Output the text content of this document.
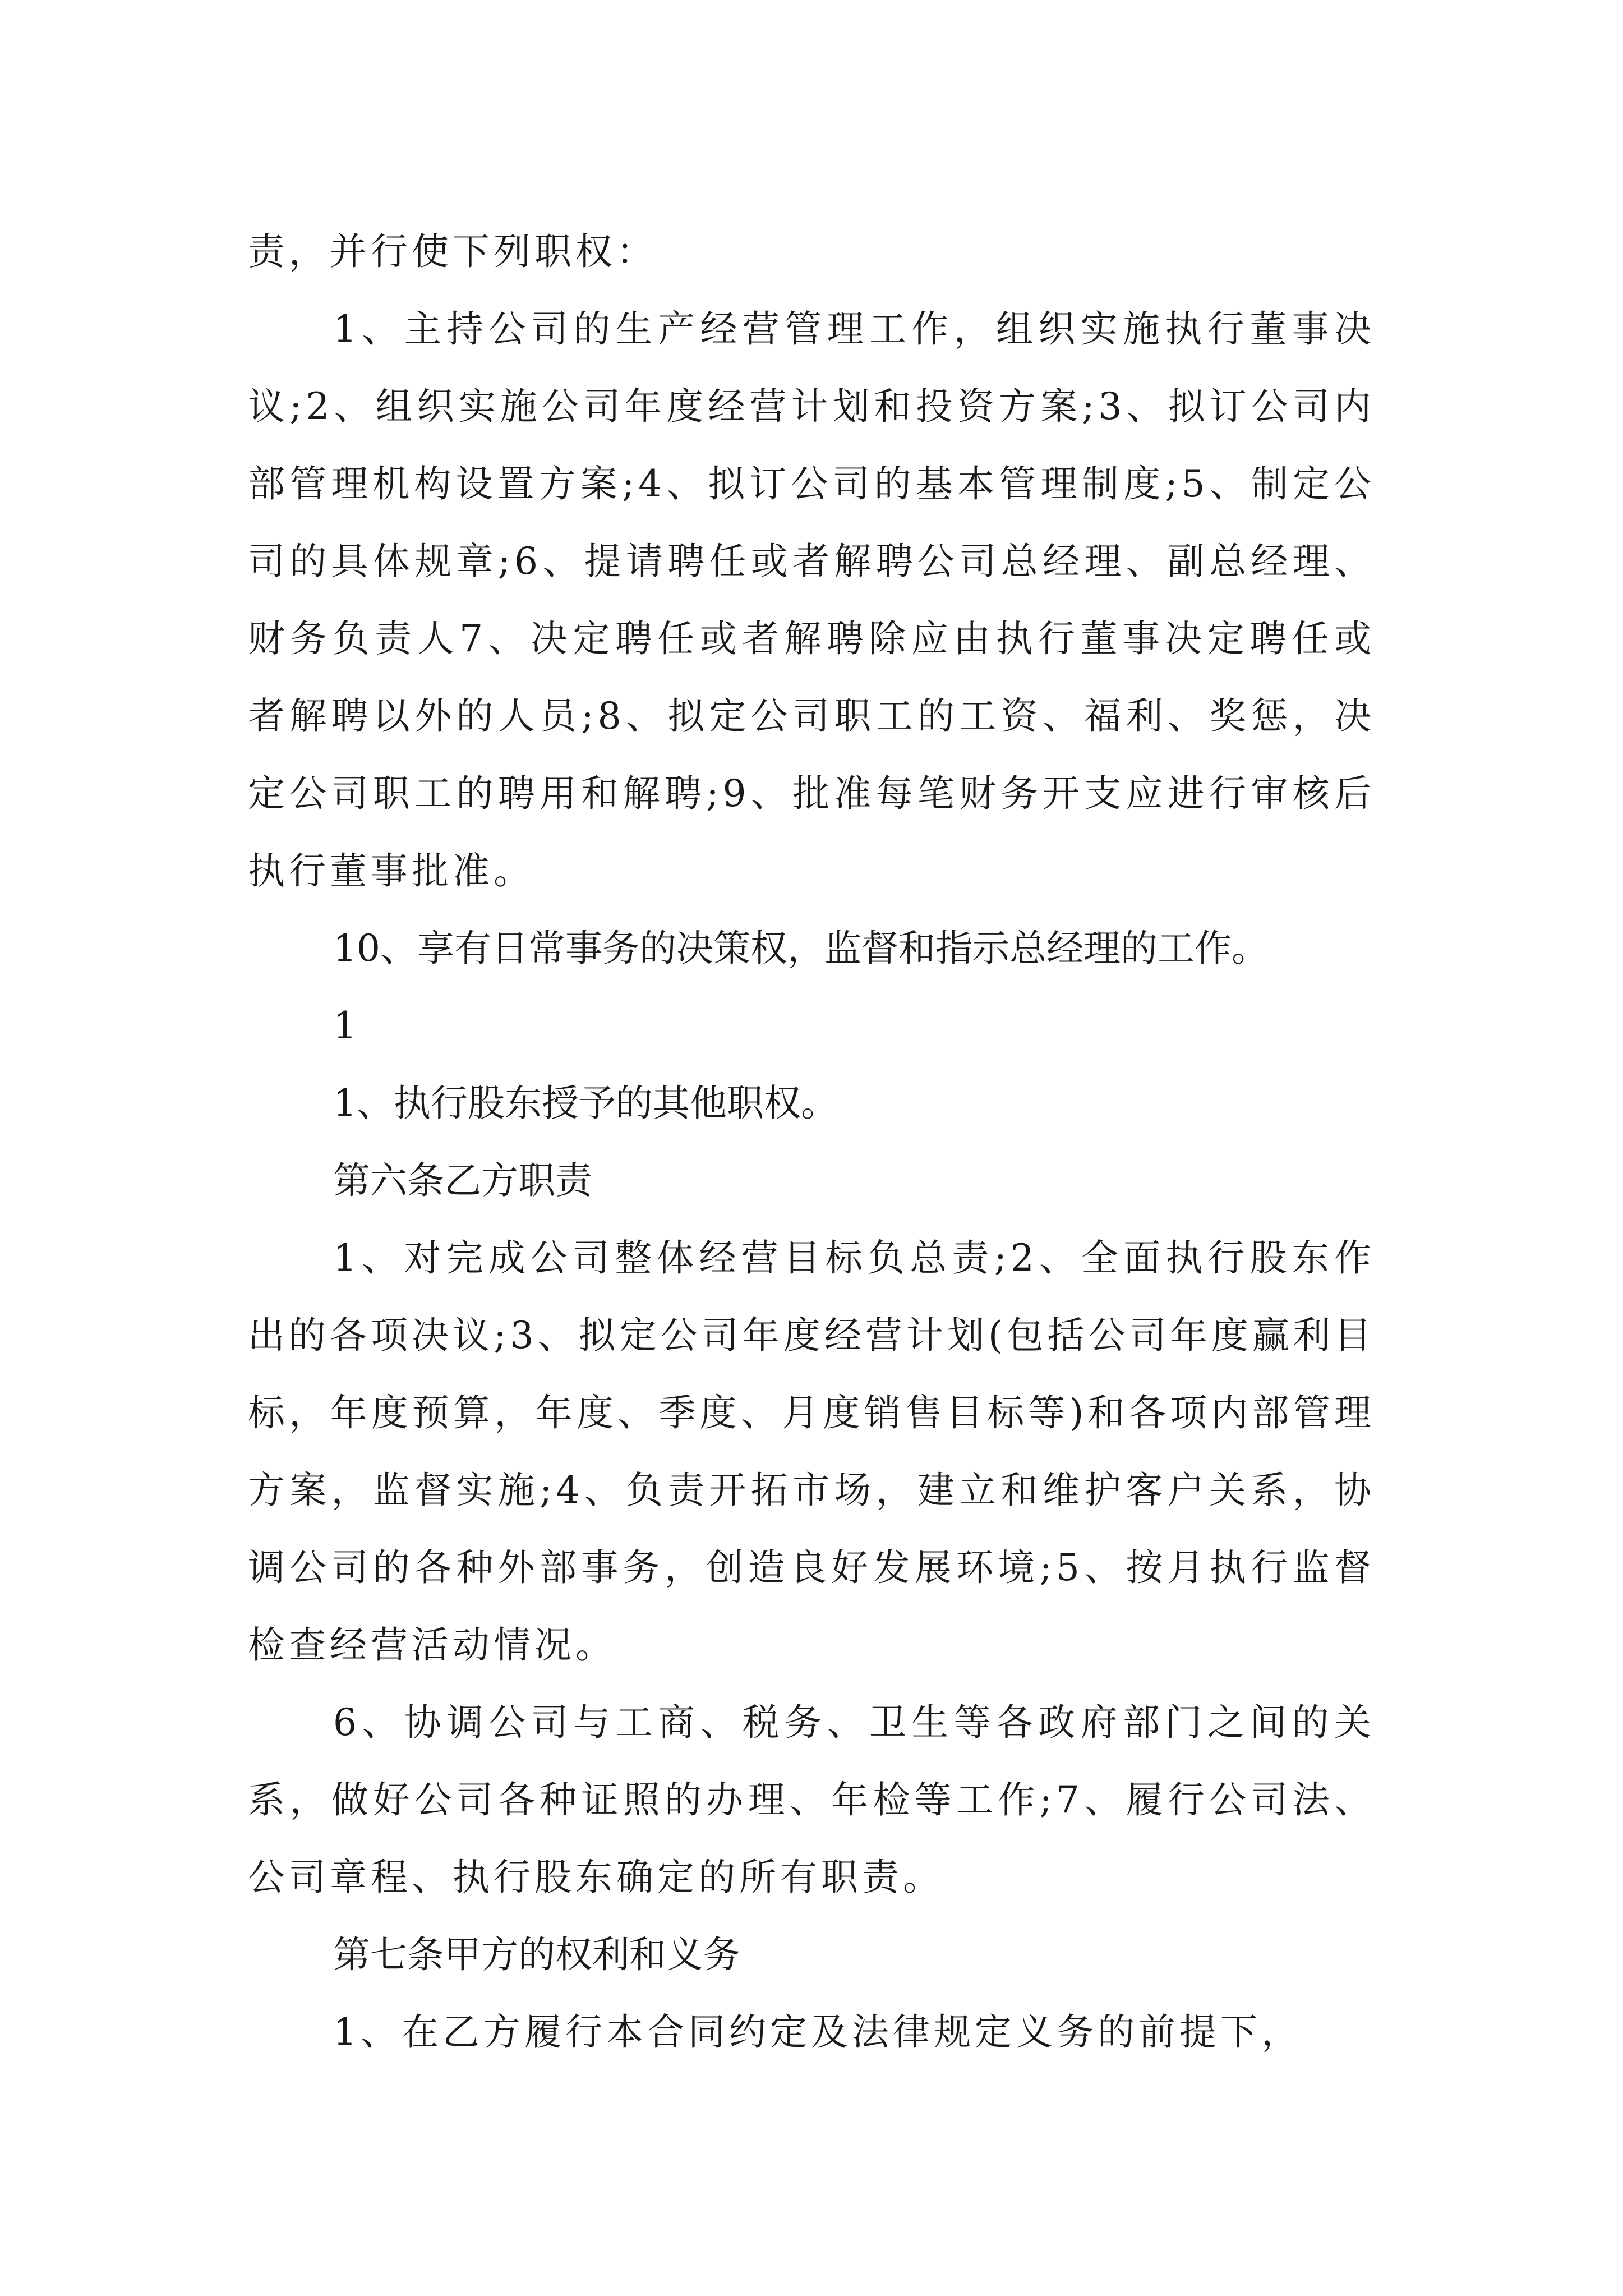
责，并行使下列职权：

1、主持公司的生产经营管理工作，组织实施执行董事决议;2、组织实施公司年度经营计划和投资方案;3、拟订公司内部管理机构设置方案;4、拟订公司的基本管理制度;5、制定公司的具体规章;6、提请聘任或者解聘公司总经理、副总经理、财务负责人7、决定聘任或者解聘除应由执行董事决定聘任或者解聘以外的人员;8、拟定公司职工的工资、福利、奖惩，决定公司职工的聘用和解聘;9、批准每笔财务开支应进行审核后执行董事批准。

10、享有日常事务的决策权，监督和指示总经理的工作。

1

1、执行股东授予的其他职权。

第六条乙方职责

1、对完成公司整体经营目标负总责;2、全面执行股东作出的各项决议;3、拟定公司年度经营计划(包括公司年度赢利目标，年度预算，年度、季度、月度销售目标等)和各项内部管理方案，监督实施;4、负责开拓市场，建立和维护客户关系，协调公司的各种外部事务，创造良好发展环境;5、按月执行监督检查经营活动情况。

6、协调公司与工商、税务、卫生等各政府部门之间的关系，做好公司各种证照的办理、年检等工作;7、履行公司法、公司章程、执行股东确定的所有职责。

第七条甲方的权利和义务

1、在乙方履行本合同约定及法律规定义务的前提下，
